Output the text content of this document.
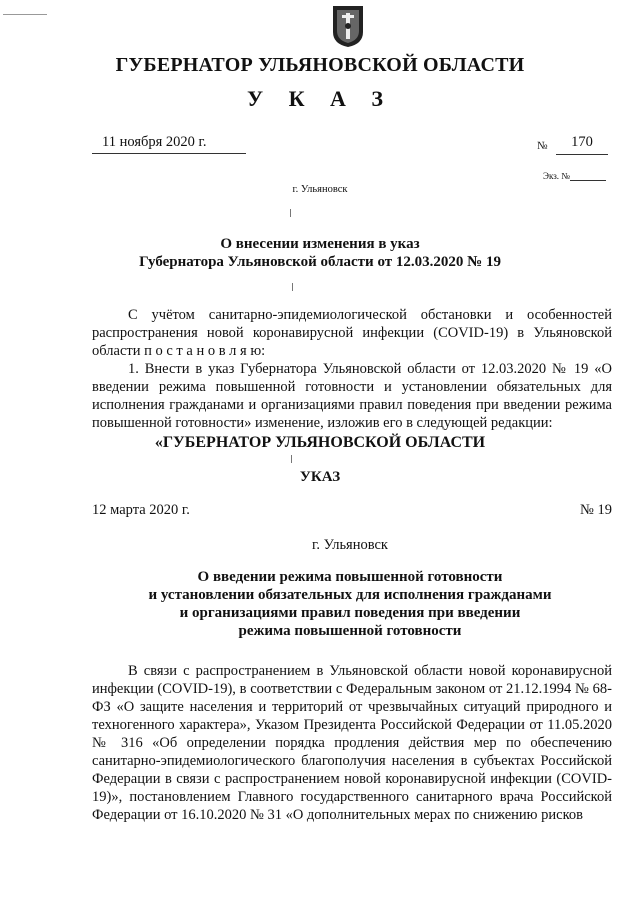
ГУБЕРНАТОР УЛЬЯНОВСКОЙ ОБЛАСТИ
У К А З
11 ноября 2020 г.	№	170
Экз. №
г. Ульяновск
О внесении изменения в указ
Губернатора Ульяновской области от 12.03.2020 № 19
С учётом санитарно-эпидемиологической обстановки и особенностей распространения новой коронавирусной инфекции (COVID-19) в Ульяновской области п о с т а н о в л я ю:
1. Внести в указ Губернатора Ульяновской области от 12.03.2020 № 19 «О введении режима повышенной готовности и установлении обязательных для исполнения гражданами и организациями правил поведения при введении режима повышенной готовности» изменение, изложив его в следующей редакции:
«ГУБЕРНАТОР УЛЬЯНОВСКОЙ ОБЛАСТИ
УКАЗ
12 марта 2020 г.	№ 19
г. Ульяновск
О введении режима повышенной готовности
и установлении обязательных для исполнения гражданами
и организациями правил поведения при введении
режима повышенной готовности
В связи с распространением в Ульяновской области новой коронавирусной инфекции (COVID-19), в соответствии с Федеральным законом от 21.12.1994 № 68-ФЗ «О защите населения и территорий от чрезвычайных ситуаций природного и техногенного характера», Указом Президента Российской Федерации от 11.05.2020 № 316 «Об определении порядка продления действия мер по обеспечению санитарно-эпидемиологического благополучия населения в субъектах Российской Федерации в связи с распространением новой коронавирусной инфекции (COVID-19)», постановлением Главного государственного санитарного врача Российской Федерации от 16.10.2020 № 31 «О дополнительных мерах по снижению рисков
